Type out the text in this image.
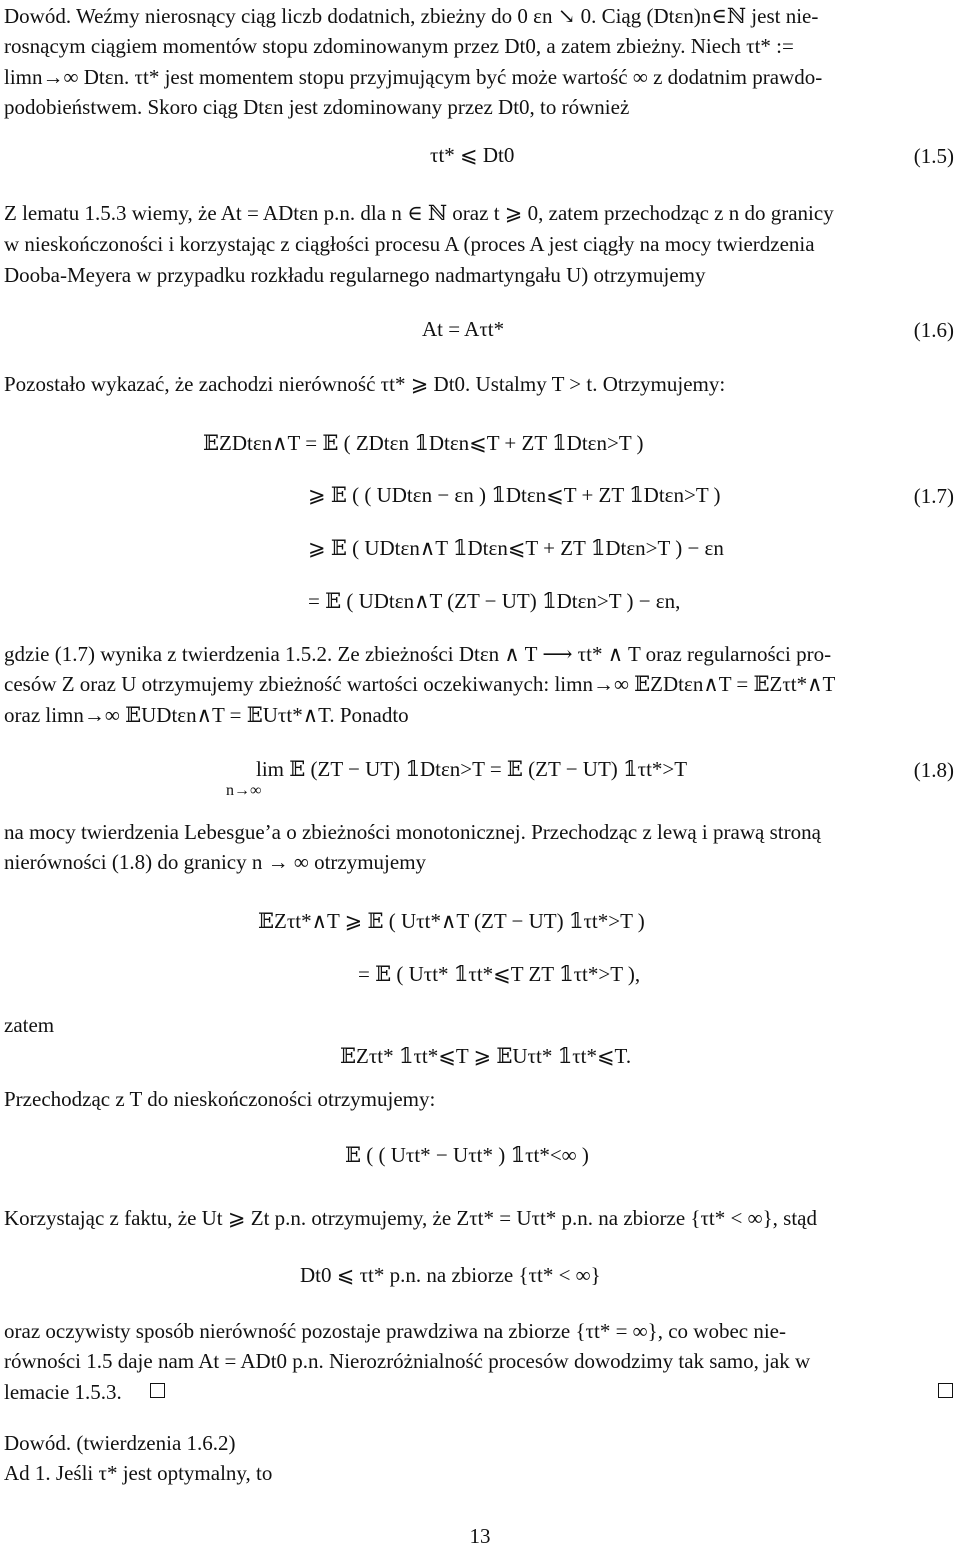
Dowód. Weźmy nierosnący ciąg liczb dodatnich, zbieżny do 0 εn ↘ 0. Ciąg (Dtεn)n∈ℕ jest nie-
rosnącym ciągiem momentów stopu zdominowanym przez Dt0, a zatem zbieżny. Niech τt* :=
limn→∞ Dtεn. τt* jest momentem stopu przyjmującym być może wartość ∞ z dodatnim prawdo-
podobieństwem. Skoro ciąg Dtεn jest zdominowany przez Dt0, to również
τt* ⩽ Dt0	(1.5)
Z lematu 1.5.3 wiemy, że At = ADtεn p.n. dla n ∈ ℕ oraz t ⩾ 0, zatem przechodząc z n do granicy
w nieskończoności i korzystając z ciągłości procesu A (proces A jest ciągły na mocy twierdzenia
Dooba-Meyera w przypadku rozkładu regularnego nadmartyngału U) otrzymujemy
At = Aτt*	(1.6)
Pozostało wykazać, że zachodzi nierówność τt* ⩾ Dt0. Ustalmy T > t. Otrzymujemy:
𝔼ZDtεn∧T = 𝔼 ( ZDtεn 𝟙Dtεn⩽T + ZT 𝟙Dtεn>T )
⩾ 𝔼 ( ( UDtεn − εn ) 𝟙Dtεn⩽T + ZT 𝟙Dtεn>T )
⩾ 𝔼 ( UDtεn∧T 𝟙Dtεn⩽T + ZT 𝟙Dtεn>T ) − εn
= 𝔼 ( UDtεn∧T (ZT − UT) 𝟙Dtεn>T ) − εn,
(1.7)
gdzie (1.7) wynika z twierdzenia 1.5.2. Ze zbieżności Dtεn ∧ T ⟶ τt* ∧ T oraz regularności pro-
cesów Z oraz U otrzymujemy zbieżność wartości oczekiwanych: limn→∞ 𝔼ZDtεn∧T = 𝔼Zτt*∧T
oraz limn→∞ 𝔼UDtεn∧T = 𝔼Uτt*∧T. Ponadto
lim 𝔼 (ZT − UT) 𝟙Dtεn>T = 𝔼 (ZT − UT) 𝟙τt*>T
n→∞
(1.8)
na mocy twierdzenia Lebesgue’a o zbieżności monotonicznej. Przechodząc z lewą i prawą stroną
nierówności (1.8) do granicy n → ∞ otrzymujemy
𝔼Zτt*∧T ⩾ 𝔼 ( Uτt*∧T (ZT − UT) 𝟙τt*>T )
= 𝔼 ( Uτt* 𝟙τt*⩽T ZT 𝟙τt*>T ),
zatem
𝔼Zτt* 𝟙τt*⩽T ⩾ 𝔼Uτt* 𝟙τt*⩽T.
Przechodząc z T do nieskończoności otrzymujemy:
𝔼 ( ( Uτt* − Uτt* ) 𝟙τt*<∞ )
Korzystając z faktu, że Ut ⩾ Zt p.n. otrzymujemy, że Zτt* = Uτt* p.n. na zbiorze {τt* < ∞}, stąd
Dt0 ⩽ τt* p.n. na zbiorze {τt* < ∞}
oraz oczywisty sposób nierówność pozostaje prawdziwa na zbiorze {τt* = ∞}, co wobec nie-
równości 1.5 daje nam At = ADt0 p.n. Nierozróżnialność procesów dowodzimy tak samo, jak w
lemacie 1.5.3.
Dowód. (twierdzenia 1.6.2)
Ad 1. Jeśli τ* jest optymalny, to
13
